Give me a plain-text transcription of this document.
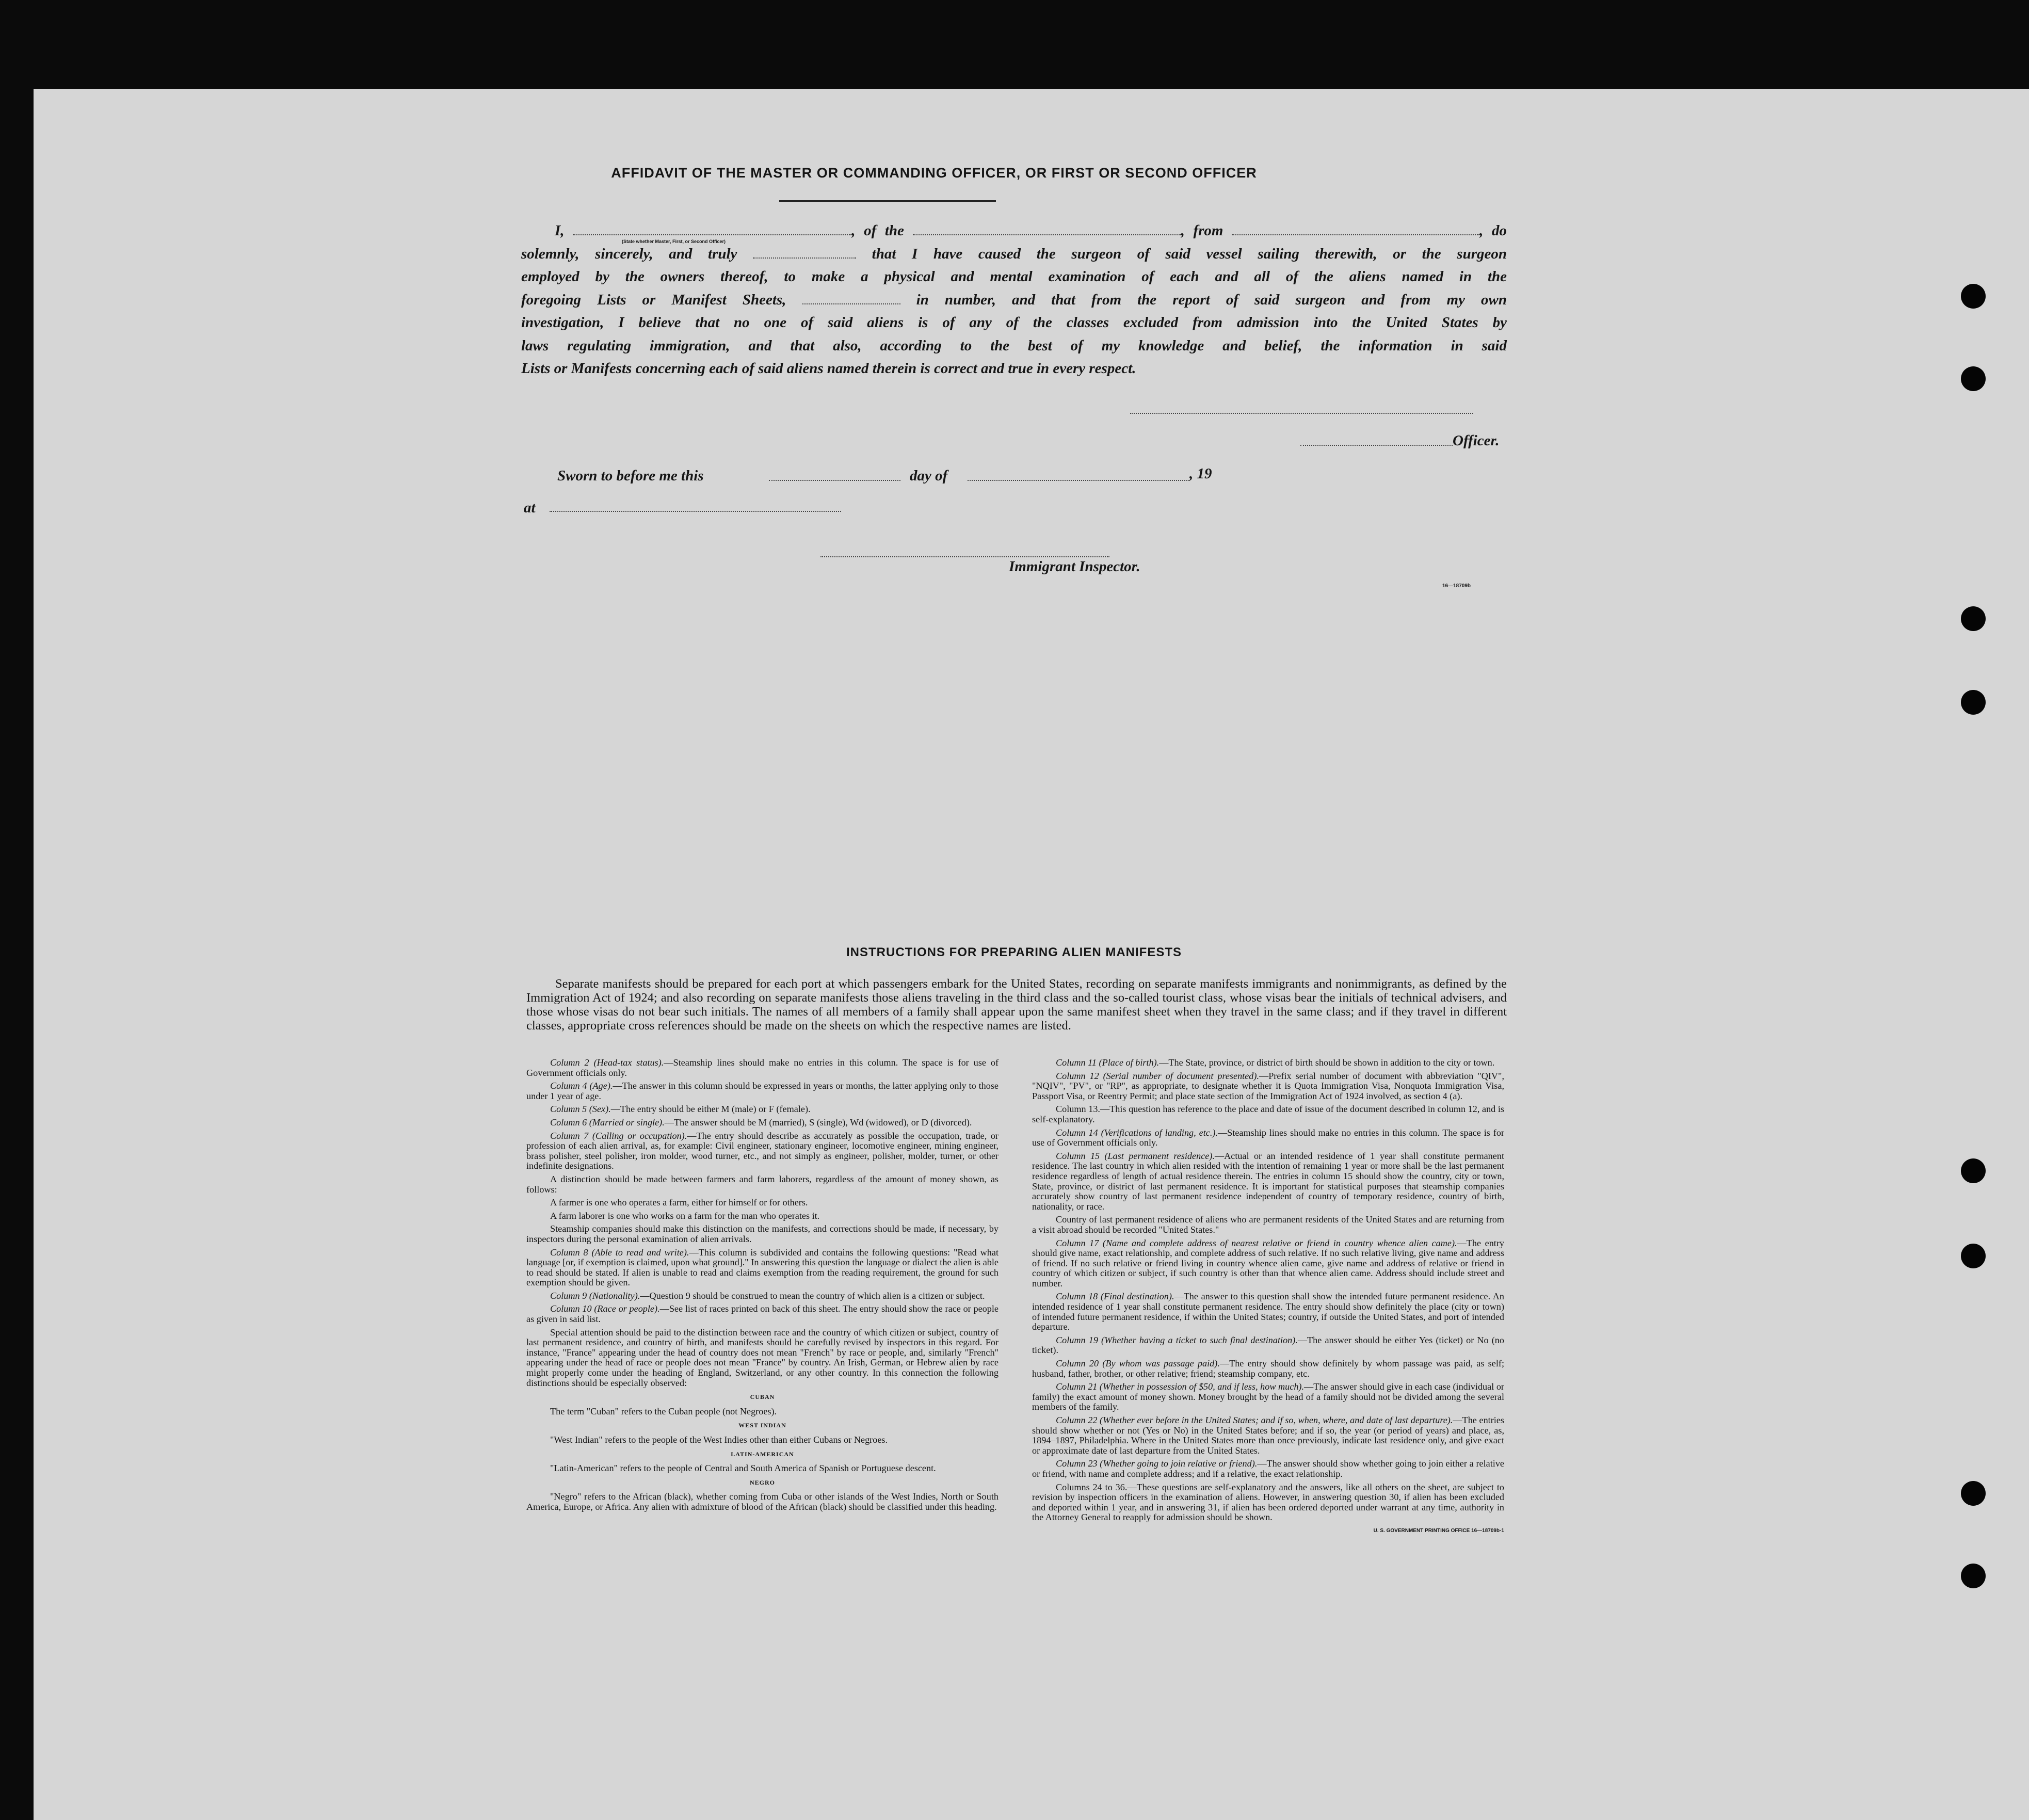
AFFIDAVIT OF THE MASTER OR COMMANDING OFFICER, OR FIRST OR SECOND OFFICER
I,	, of the	, from	, do
solemnly, sincerely, and truly	that I have caused the surgeon of said vessel sailing therewith, or the surgeon
employed by the owners thereof, to make a physical and mental examination of each and all of the aliens named in the
foregoing Lists or Manifest Sheets,	in number, and that from the report of said surgeon and from my own
investigation, I believe that no one of said aliens is of any of the classes excluded from admission into the United States by
laws regulating immigration, and that also, according to the best of my knowledge and belief, the information in said
Lists or Manifests concerning each of said aliens named therein is correct and true in every respect.
(State whether Master, First, or Second Officer)
Officer.
Sworn to before me this	day of	, 19
at
Immigrant Inspector.
16—18709b
INSTRUCTIONS FOR PREPARING ALIEN MANIFESTS
Separate manifests should be prepared for each port at which passengers embark for the United States, recording on separate manifests immigrants and nonimmigrants, as defined by the Immigration Act of 1924; and also recording on separate manifests those aliens traveling in the third class and the so-called tourist class, whose visas bear the initials of technical advisers, and those whose visas do not bear such initials. The names of all members of a family shall appear upon the same manifest sheet when they travel in the same class; and if they travel in different classes, appropriate cross references should be made on the sheets on which the respective names are listed.

Column 2 (Head-tax status).—Steamship lines should make no entries in this column. The space is for use of Government officials only.

Column 4 (Age).—The answer in this column should be expressed in years or months, the latter applying only to those under 1 year of age.

Column 5 (Sex).—The entry should be either M (male) or F (female).

Column 6 (Married or single).—The answer should be M (married), S (single), Wd (widowed), or D (divorced).

Column 7 (Calling or occupation).—The entry should describe as accurately as possible the occupation, trade, or profession of each alien arrival, as, for example: Civil engineer, stationary engineer, locomotive engineer, mining engineer, brass polisher, steel polisher, iron molder, wood turner, etc., and not simply as engineer, polisher, molder, turner, or other indefinite designations.

A distinction should be made between farmers and farm laborers, regardless of the amount of money shown, as follows:

A farmer is one who operates a farm, either for himself or for others.

A farm laborer is one who works on a farm for the man who operates it.

Steamship companies should make this distinction on the manifests, and corrections should be made, if necessary, by inspectors during the personal examination of alien arrivals.

Column 8 (Able to read and write).—This column is subdivided and contains the following questions: "Read what language [or, if exemption is claimed, upon what ground]." In answering this question the language or dialect the alien is able to read should be stated. If alien is unable to read and claims exemption from the reading requirement, the ground for such exemption should be given.

Column 9 (Nationality).—Question 9 should be construed to mean the country of which alien is a citizen or subject.

Column 10 (Race or people).—See list of races printed on back of this sheet. The entry should show the race or people as given in said list.

Special attention should be paid to the distinction between race and the country of which citizen or subject, country of last permanent residence, and country of birth, and manifests should be carefully revised by inspectors in this regard. For instance, "France" appearing under the head of country does not mean "French" by race or people, and, similarly "French" appearing under the head of race or people does not mean "France" by country. An Irish, German, or Hebrew alien by race might properly come under the heading of England, Switzerland, or any other country. In this connection the following distinctions should be especially observed:

CUBAN

The term "Cuban" refers to the Cuban people (not Negroes).

WEST INDIAN

"West Indian" refers to the people of the West Indies other than either Cubans or Negroes.

LATIN-AMERICAN

"Latin-American" refers to the people of Central and South America of Spanish or Portuguese descent.

NEGRO

"Negro" refers to the African (black), whether coming from Cuba or other islands of the West Indies, North or South America, Europe, or Africa. Any alien with admixture of blood of the African (black) should be classified under this heading.

Column 11 (Place of birth).—The State, province, or district of birth should be shown in addition to the city or town.

Column 12 (Serial number of document presented).—Prefix serial number of document with abbreviation "QIV", "NQIV", "PV", or "RP", as appropriate, to designate whether it is Quota Immigration Visa, Nonquota Immigration Visa, Passport Visa, or Reentry Permit; and place state section of the Immigration Act of 1924 involved, as section 4 (a).

Column 13.—This question has reference to the place and date of issue of the document described in column 12, and is self-explanatory.

Column 14 (Verifications of landing, etc.).—Steamship lines should make no entries in this column. The space is for use of Government officials only.

Column 15 (Last permanent residence).—Actual or an intended residence of 1 year shall constitute permanent residence. The last country in which alien resided with the intention of remaining 1 year or more shall be the last permanent residence regardless of length of actual residence therein. The entries in column 15 should show the country, city or town, State, province, or district of last permanent residence. It is important for statistical purposes that steamship companies accurately show country of last permanent residence independent of country of temporary residence, country of birth, nationality, or race.

Country of last permanent residence of aliens who are permanent residents of the United States and are returning from a visit abroad should be recorded "United States."

Column 17 (Name and complete address of nearest relative or friend in country whence alien came).—The entry should give name, exact relationship, and complete address of such relative. If no such relative living, give name and address of friend. If no such relative or friend living in country whence alien came, give name and address of relative or friend in country of which citizen or subject, if such country is other than that whence alien came. Address should include street and number.

Column 18 (Final destination).—The answer to this question shall show the intended future permanent residence. An intended residence of 1 year shall constitute permanent residence. The entry should show definitely the place (city or town) of intended future permanent residence, if within the United States; country, if outside the United States, and port of intended departure.

Column 19 (Whether having a ticket to such final destination).—The answer should be either Yes (ticket) or No (no ticket).

Column 20 (By whom was passage paid).—The entry should show definitely by whom passage was paid, as self; husband, father, brother, or other relative; friend; steamship company, etc.

Column 21 (Whether in possession of $50, and if less, how much).—The answer should give in each case (individual or family) the exact amount of money shown. Money brought by the head of a family should not be divided among the several members of the family.

Column 22 (Whether ever before in the United States; and if so, when, where, and date of last departure).—The entries should show whether or not (Yes or No) in the United States before; and if so, the year (or period of years) and place, as, 1894–1897, Philadelphia. Where in the United States more than once previously, indicate last residence only, and give exact or approximate date of last departure from the United States.

Column 23 (Whether going to join relative or friend).—The answer should show whether going to join either a relative or friend, with name and complete address; and if a relative, the exact relationship.

Columns 24 to 36.—These questions are self-explanatory and the answers, like all others on the sheet, are subject to revision by inspection officers in the examination of aliens. However, in answering question 30, if alien has been excluded and deported within 1 year, and in answering 31, if alien has been ordered deported under warrant at any time, authority in the Attorney General to reapply for admission should be shown.

U. S. GOVERNMENT PRINTING OFFICE 16—18709b-1
